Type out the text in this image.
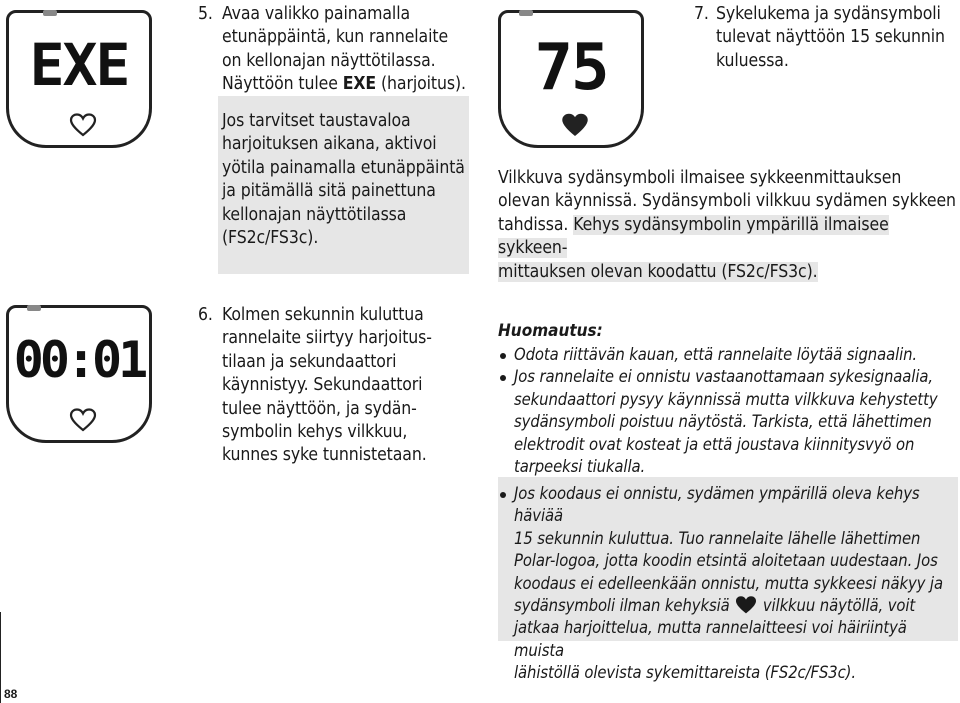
EXE
5. Avaa valikko painamalla
etunäppäintä, kun rannelaite
on kellonajan näyttötilassa.
Näyttöön tulee EXE (harjoitus).
Jos tarvitset taustavaloa
harjoituksen aikana, aktivoi
yötila painamalla etunäppäintä
ja pitämällä sitä painettuna
kellonajan näyttötilassa
(FS2c/FS3c).
75
7. Sykelukema ja sydänsymboli
tulevat näyttöön 15 sekunnin
kuluessa.
Vilkkuva sydänsymboli ilmaisee sykkeenmittauksen
olevan käynnissä. Sydänsymboli vilkkuu sydämen sykkeen
tahdissa. Kehys sydänsymbolin ympärillä ilmaisee sykkeen-
mittauksen olevan koodattu (FS2c/FS3c).
00:01
6. Kolmen sekunnin kuluttua
rannelaite siirtyy harjoitus-
tilaan ja sekundaattori
käynnistyy. Sekundaattori
tulee näyttöön, ja sydän-
symbolin kehys vilkkuu,
kunnes syke tunnistetaan.
Huomautus:
Odota riittävän kauan, että rannelaite löytää signaalin.
Jos rannelaite ei onnistu vastaanottamaan sykesignaalia,
sekundaattori pysyy käynnissä mutta vilkkuva kehystetty
sydänsymboli poistuu näytöstä. Tarkista, että lähettimen
elektrodit ovat kosteat ja että joustava kiinnitysvyö on
tarpeeksi tiukalla.
Jos koodaus ei onnistu, sydämen ympärillä oleva kehys häviää
15 sekunnin kuluttua. Tuo rannelaite lähelle lähettimen
Polar-logoa, jotta koodin etsintä aloitetaan uudestaan. Jos
koodaus ei edelleenkään onnistu, mutta sykkeesi näkyy ja
sydänsymboli ilman kehyksiä
vilkkuu näytöllä, voit
jatkaa harjoittelua, mutta rannelaitteesi voi häiriintyä muista
lähistöllä olevista sykemittareista (FS2c/FS3c).
88
